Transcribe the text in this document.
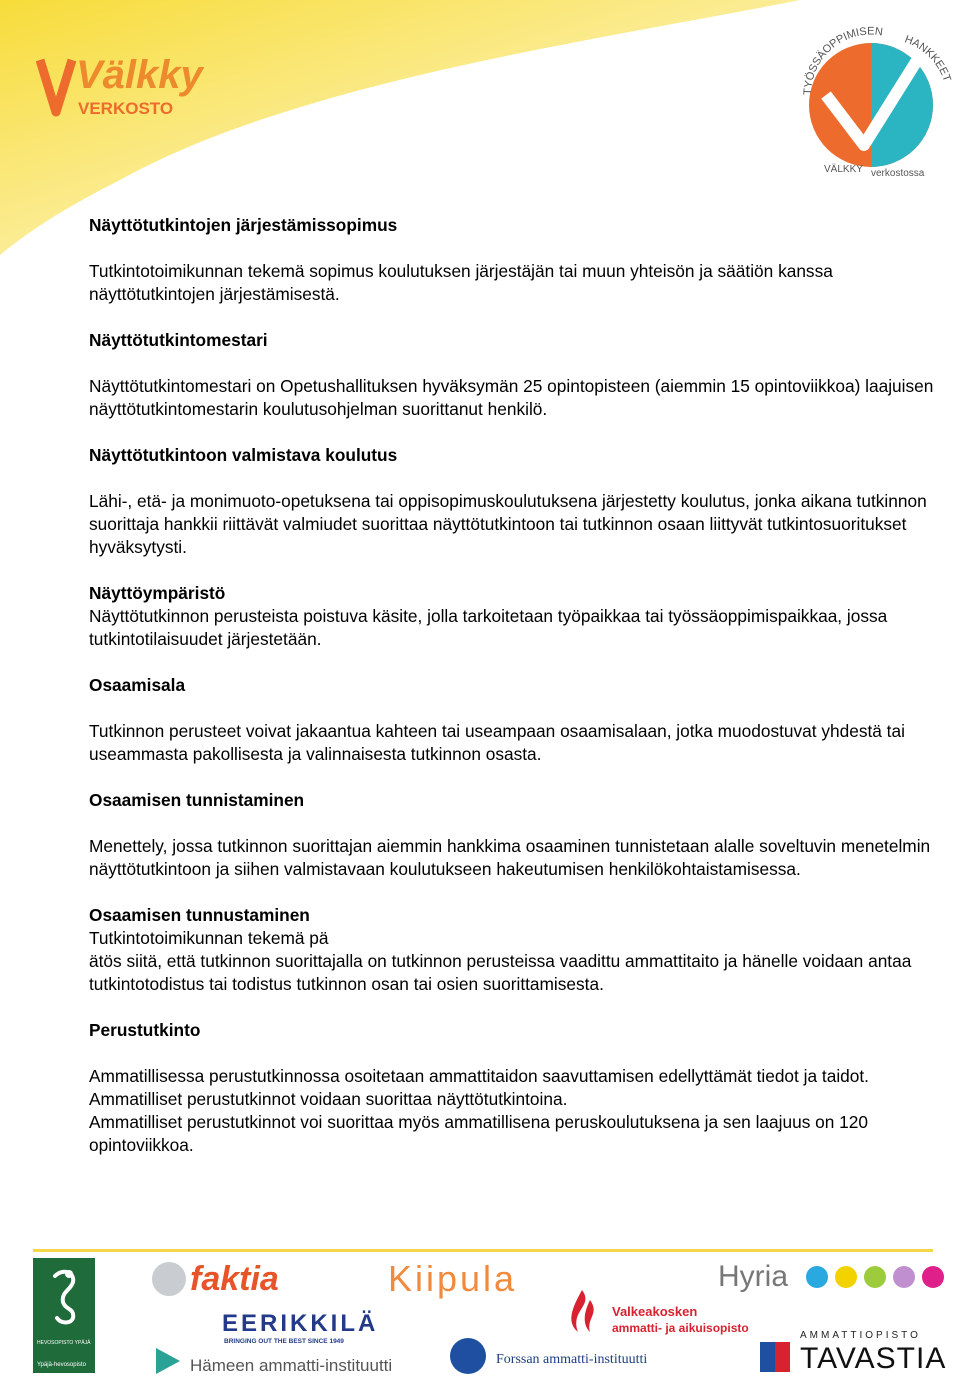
Välkky
VERKOSTO
TYÖSSÄOPPIMISEN
HANKKEET
VÄLKKY verkostossa

Näyttötutkintojen järjestämissopimus

Tutkintotoimikunnan tekemä sopimus koulutuksen järjestäjän tai muun yhteisön ja säätiön kanssa näyttötutkintojen järjestämisestä.

Näyttötutkintomestari

Näyttötutkintomestari on Opetushallituksen hyväksymän 25 opintopisteen (aiemmin 15 opintoviikkoa) laajuisen näyttötutkintomestarin koulutusohjelman suorittanut henkilö.

Näyttötutkintoon valmistava koulutus

Lähi-, etä- ja monimuoto-opetuksena tai oppisopimuskoulutuksena järjestetty koulutus, jonka aikana tutkinnon suorittaja hankkii riittävät valmiudet suorittaa näyttötutkintoon tai tutkinnon osaan liittyvät tutkintosuoritukset hyväksytysti.

Näyttöympäristö

Näyttötutkinnon perusteista poistuva käsite, jolla tarkoitetaan työpaikkaa tai työssäoppimispaikkaa, jossa tutkintotilaisuudet järjestetään.

Osaamisala

Tutkinnon perusteet voivat jakaantua kahteen tai useampaan osaamisalaan, jotka muodostuvat yhdestä tai useammasta pakollisesta ja valinnaisesta tutkinnon osasta.

Osaamisen tunnistaminen

Menettely, jossa tutkinnon suorittajan aiemmin hankkima osaaminen tunnistetaan alalle soveltuvin menetelmin näyttötutkintoon ja siihen valmistavaan koulutukseen hakeutumisen henkilökohtaistamisessa.

Osaamisen tunnustaminen

Tutkintotoimikunnan tekemä pä

ätös siitä, että tutkinnon suorittajalla on tutkinnon perusteissa vaadittu ammattitaito ja hänelle voidaan antaa tutkintotodistus tai todistus tutkinnon osan tai osien suorittamisesta.

Perustutkinto

Ammatillisessa perustutkinnossa osoitetaan ammattitaidon saavuttamisen edellyttämät tiedot ja taidot. Ammatilliset perustutkinnot voidaan suorittaa näyttötutkintoina.

Ammatilliset perustutkinnot voi suorittaa myös ammatillisena peruskoulutuksena ja sen laajuus on 120 opintoviikkoa.

HEVOSOPISTO YPÄJÄ
Ypäjä-hevosopisto
faktia
EERIKKILÄ
BRINGING OUT THE BEST SINCE 1949
Hämeen ammatti-instituutti
Kiipula
Valkeakosken
ammatti- ja aikuisopisto
Forssan ammatti-instituutti
Hyria
AMMATTIOPISTO
TAVASTIA
